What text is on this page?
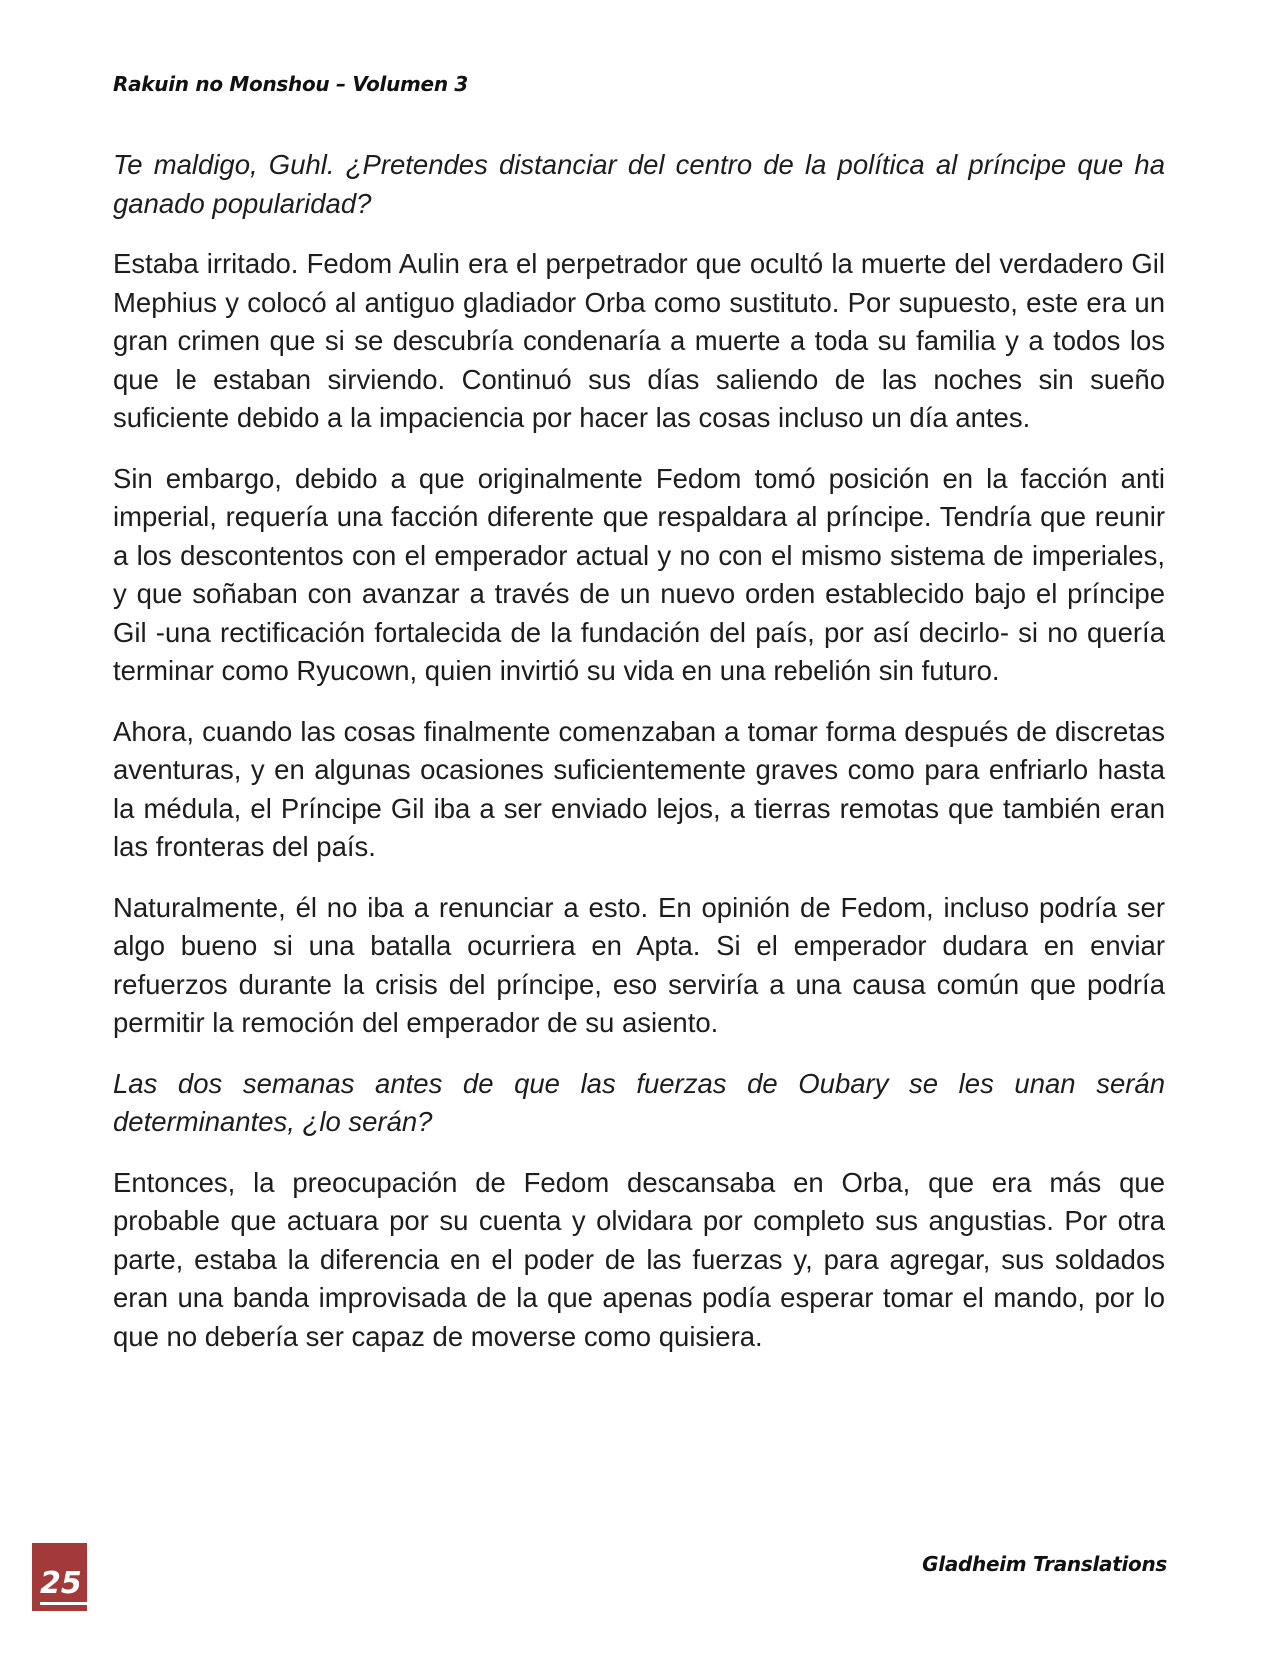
Rakuin no Monshou – Volumen 3

Te maldigo, Guhl. ¿Pretendes distanciar del centro de la política al príncipe que ha ganado popularidad?

Estaba irritado. Fedom Aulin era el perpetrador que ocultó la muerte del verdadero Gil Mephius y colocó al antiguo gladiador Orba como sustituto. Por supuesto, este era un gran crimen que si se descubría condenaría a muerte a toda su familia y a todos los que le estaban sirviendo. Continuó sus días saliendo de las noches sin sueño suficiente debido a la impaciencia por hacer las cosas incluso un día antes.

Sin embargo, debido a que originalmente Fedom tomó posición en la facción anti imperial, requería una facción diferente que respaldara al príncipe. Tendría que reunir a los descontentos con el emperador actual y no con el mismo sistema de imperiales, y que soñaban con avanzar a través de un nuevo orden establecido bajo el príncipe Gil -una rectificación fortalecida de la fundación del país, por así decirlo- si no quería terminar como Ryucown, quien invirtió su vida en una rebelión sin futuro.

Ahora, cuando las cosas finalmente comenzaban a tomar forma después de discretas aventuras, y en algunas ocasiones suficientemente graves como para enfriarlo hasta la médula, el Príncipe Gil iba a ser enviado lejos, a tierras remotas que también eran las fronteras del país.

Naturalmente, él no iba a renunciar a esto. En opinión de Fedom, incluso podría ser algo bueno si una batalla ocurriera en Apta. Si el emperador dudara en enviar refuerzos durante la crisis del príncipe, eso serviría a una causa común que podría permitir la remoción del emperador de su asiento.

Las dos semanas antes de que las fuerzas de Oubary se les unan serán determinantes, ¿lo serán?

Entonces, la preocupación de Fedom descansaba en Orba, que era más que probable que actuara por su cuenta y olvidara por completo sus angustias. Por otra parte, estaba la diferencia en el poder de las fuerzas y, para agregar, sus soldados eran una banda improvisada de la que apenas podía esperar tomar el mando, por lo que no debería ser capaz de moverse como quisiera.

25
Gladheim Translations
